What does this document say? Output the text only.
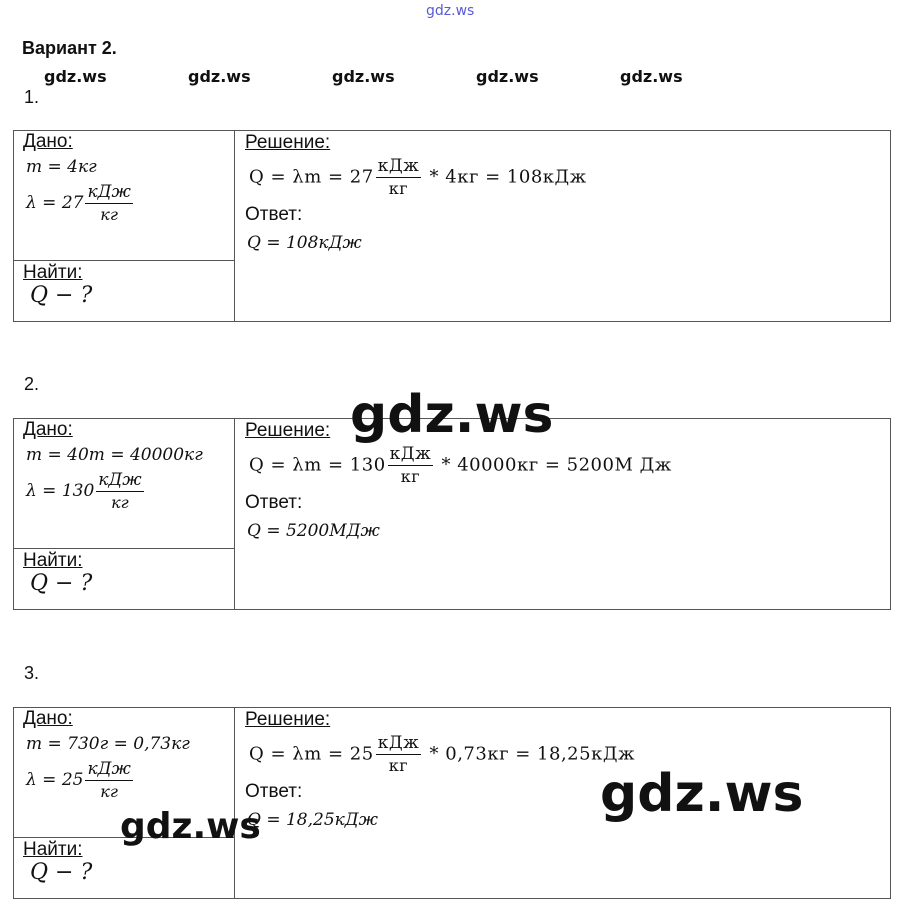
gdz.ws
Вариант 2.
gdz.ws	gdz.ws	gdz.ws	gdz.ws	gdz.ws
1.
Дано:
m = 4кг
$\lambda = 27 \frac{\text{кДж}}{кг}$

Решение:
$Q = \lambda m = 27 \frac{\text{кДж}}{кг} * 4кг = 108кДж$
Ответ:
Q = 108кДж

Найти:
Q − ?
2.
Дано:
m = 40т = 40000кг
$\lambda = 130 \frac{\text{кДж}}{кг}$

Решение:
$Q = \lambda m = 130 \frac{\text{кДж}}{кг} * 40000кг = 5200М$ Дж
Ответ:
Q = 5200МДж

Найти:
Q − ?
3.
Дано:
m = 730г = 0,73кг
$\lambda = 25 \frac{\text{кДж}}{кг}$

Решение:
$Q = \lambda m = 25 \frac{\text{кДж}}{кг} * 0,73кг = 18,25кДж$
Ответ:
Q = 18,25кДж

Найти:
Q − ?
gdz.ws
gdz.ws
gdz.ws
